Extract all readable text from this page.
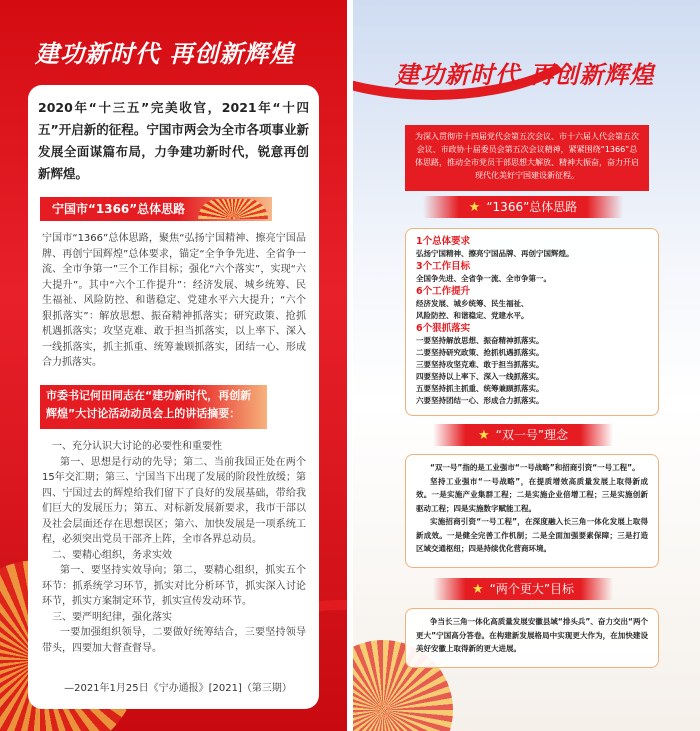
建功新时代 再创新辉煌
2020年“十三五”完美收官，2021年“十四五”开启新的征程。宁国市两会为全市各项事业新发展全面谋篇布局，力争建功新时代，锐意再创新辉煌。
宁国市“1366”总体思路
宁国市“1366”总体思路，聚焦“弘扬宁国精神、擦亮宁国品牌、再创宁国辉煌”总体要求，锚定“全争争先进、全省争一流、全市争第一”三个工作目标；强化“六个落实”，实现“六大提升”。其中“六个工作提升”：经济发展、城乡统筹、民生福祉、风险防控、和谐稳定、党建水平六大提升；“六个狠抓落实”：解放思想、振奋精神抓落实；研究政策、抢抓机遇抓落实；攻坚克难、敢于担当抓落实，以上率下、深入一线抓落实，抓主抓重、统筹兼顾抓落实，团结一心、形成合力抓落实。
市委书记何田同志在“建功新时代，再创新辉煌”大讨论活动动员会上的讲话摘要：
一、充分认识大讨论的必要性和重要性
第一、思想是行动的先导；第二、当前我国正处在两个15年交汇期；第三、宁国当下出现了发展的阶段性放缓；第四、宁国过去的辉煌给我们留下了良好的发展基础，带给我们巨大的发展压力；第五、对标新发展新要求，我市干部以及社会层面还存在思想误区；第六、加快发展是一项系统工程，必须突出党员干部齐上阵，全市各界总动员。
二、要精心组织，务求实效
第一、要坚持实效导向；第二，要精心组织，抓实五个环节：抓系统学习环节，抓实对比分析环节，抓实深入讨论环节，抓实方案制定环节，抓实宣传发动环节。
三、要严明纪律，强化落实
一要加强组织领导，二要做好统筹结合，三要坚持领导带头，四要加大督查督导。
—2021年1月25日《宁办通报》[2021]（第三期）
建功新时代 再创新辉煌
为深入贯彻市十四届党代会第五次会议、市十六届人代会第五次会议、市政协十届委员会第五次会议精神，紧紧围绕“1366”总体思路，推动全市党员干部思想大解放、精神大振奋，奋力开启现代化美好宁国建设新征程。
★ “1366”总体思路
1个总体要求
弘扬宁国精神、擦亮宁国品牌、再创宁国辉煌。
3个工作目标
全国争先进、全省争一流、全市争第一。
6个工作提升
经济发展、城乡统筹、民生福祉、
风险防控、和谐稳定、党建水平。
6个狠抓落实
一要坚持解放思想、振奋精神抓落实。
二要坚持研究政策、抢抓机遇抓落实。
三要坚持攻坚克难、敢于担当抓落实。
四要坚持以上率下、深入一线抓落实。
五要坚持抓主抓重、统筹兼顾抓落实。
六要坚持团结一心、形成合力抓落实。
★ “双一号”理念
“双一号”指的是工业强市“一号战略”和招商引资“一号工程”。
坚持工业强市“一号战略”，在提质增效高质量发展上取得新成效。一是实施产业集群工程；二是实施企业倍增工程；三是实施创新驱动工程；四是实施数字赋能工程。
实施招商引资“一号工程”，在深度融入长三角一体化发展上取得新成效。一是健全完善工作机制；二是全面加强要素保障；三是打造区域交通枢纽；四是持续优化营商环境。
★ “两个更大”目标
争当长三角一体化高质量发展安徽县域“排头兵”、奋力交出“两个更大”宁国高分答卷。在构建新发展格局中实现更大作为，在加快建设美好安徽上取得新的更大进展。
